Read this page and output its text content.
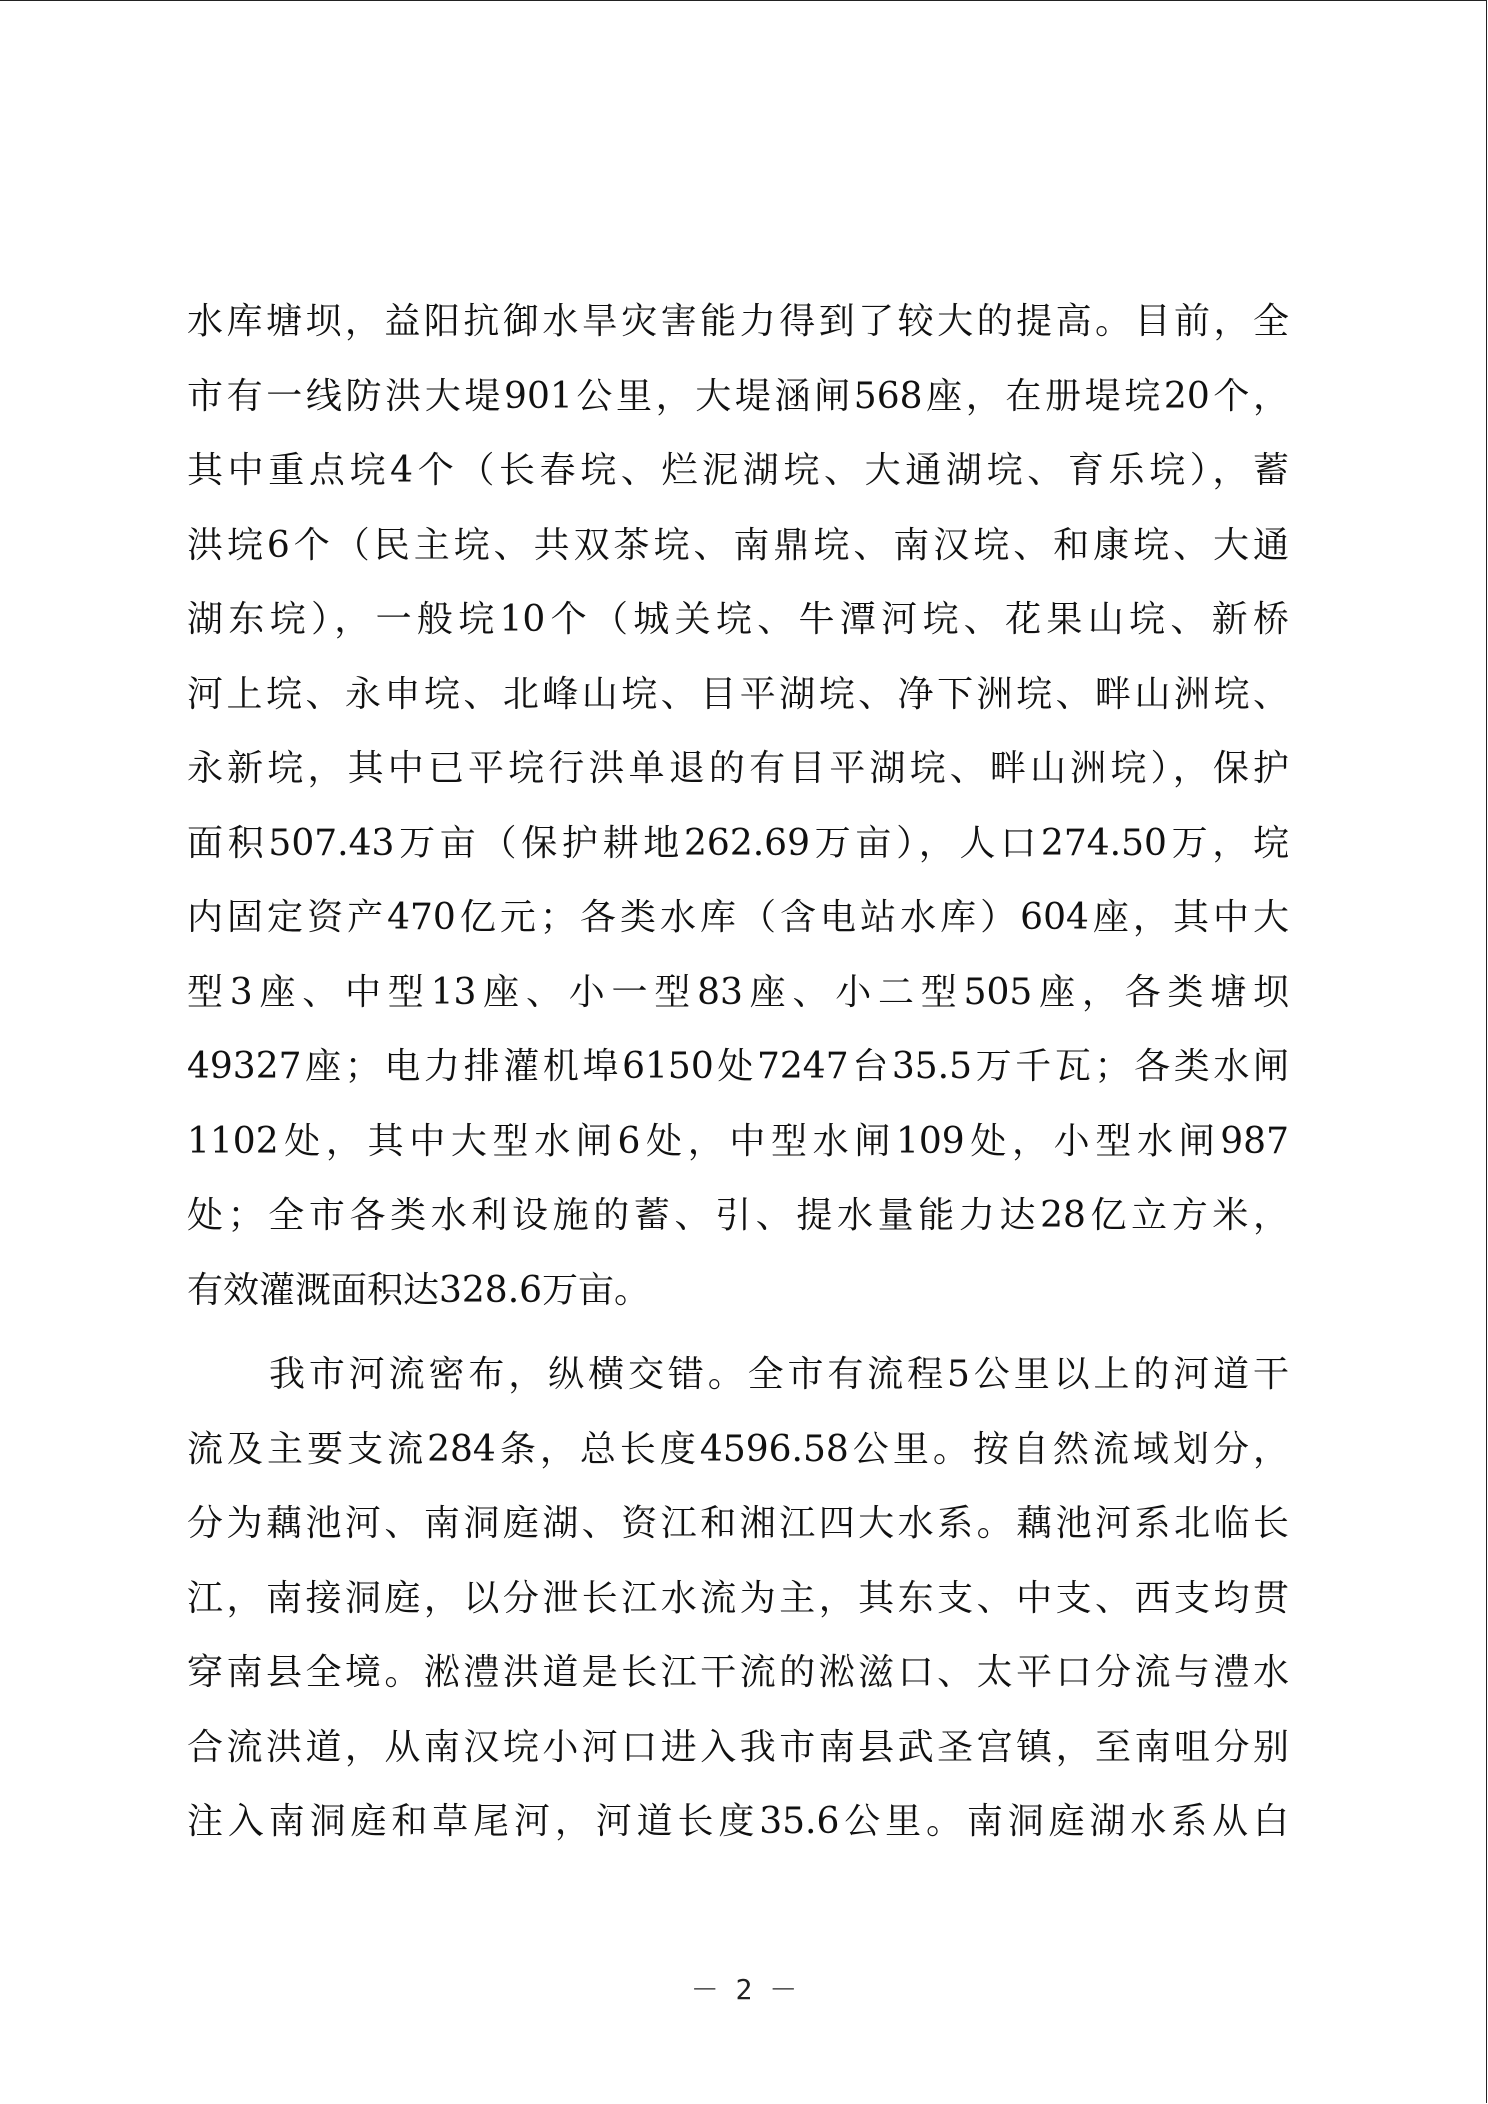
水库塘坝，益阳抗御水旱灾害能力得到了较大的提高。目前，全
市有一线防洪大堤901公里，大堤涵闸568座，在册堤垸20个，
其中重点垸4个（长春垸、烂泥湖垸、大通湖垸、育乐垸），蓄
洪垸6个（民主垸、共双茶垸、南鼎垸、南汉垸、和康垸、大通
湖东垸），一般垸10个（城关垸、牛潭河垸、花果山垸、新桥
河上垸、永申垸、北峰山垸、目平湖垸、净下洲垸、畔山洲垸、
永新垸，其中已平垸行洪单退的有目平湖垸、畔山洲垸），保护
面积507.43万亩（保护耕地262.69万亩），人口274.50万，垸
内固定资产470亿元；各类水库（含电站水库）604座，其中大
型3座、中型13座、小一型83座、小二型505座，各类塘坝
49327座；电力排灌机埠6150处7247台35.5万千瓦；各类水闸
1102处，其中大型水闸6处，中型水闸109处，小型水闸987
处；全市各类水利设施的蓄、引、提水量能力达28亿立方米，
有效灌溉面积达328.6万亩。
我市河流密布，纵横交错。全市有流程5公里以上的河道干
流及主要支流284条，总长度4596.58公里。按自然流域划分，
分为藕池河、南洞庭湖、资江和湘江四大水系。藕池河系北临长
江，南接洞庭，以分泄长江水流为主，其东支、中支、西支均贯
穿南县全境。淞澧洪道是长江干流的淞滋口、太平口分流与澧水
合流洪道，从南汉垸小河口进入我市南县武圣宫镇，至南咀分别
注入南洞庭和草尾河，河道长度35.6公里。南洞庭湖水系从白
－ 2 －
